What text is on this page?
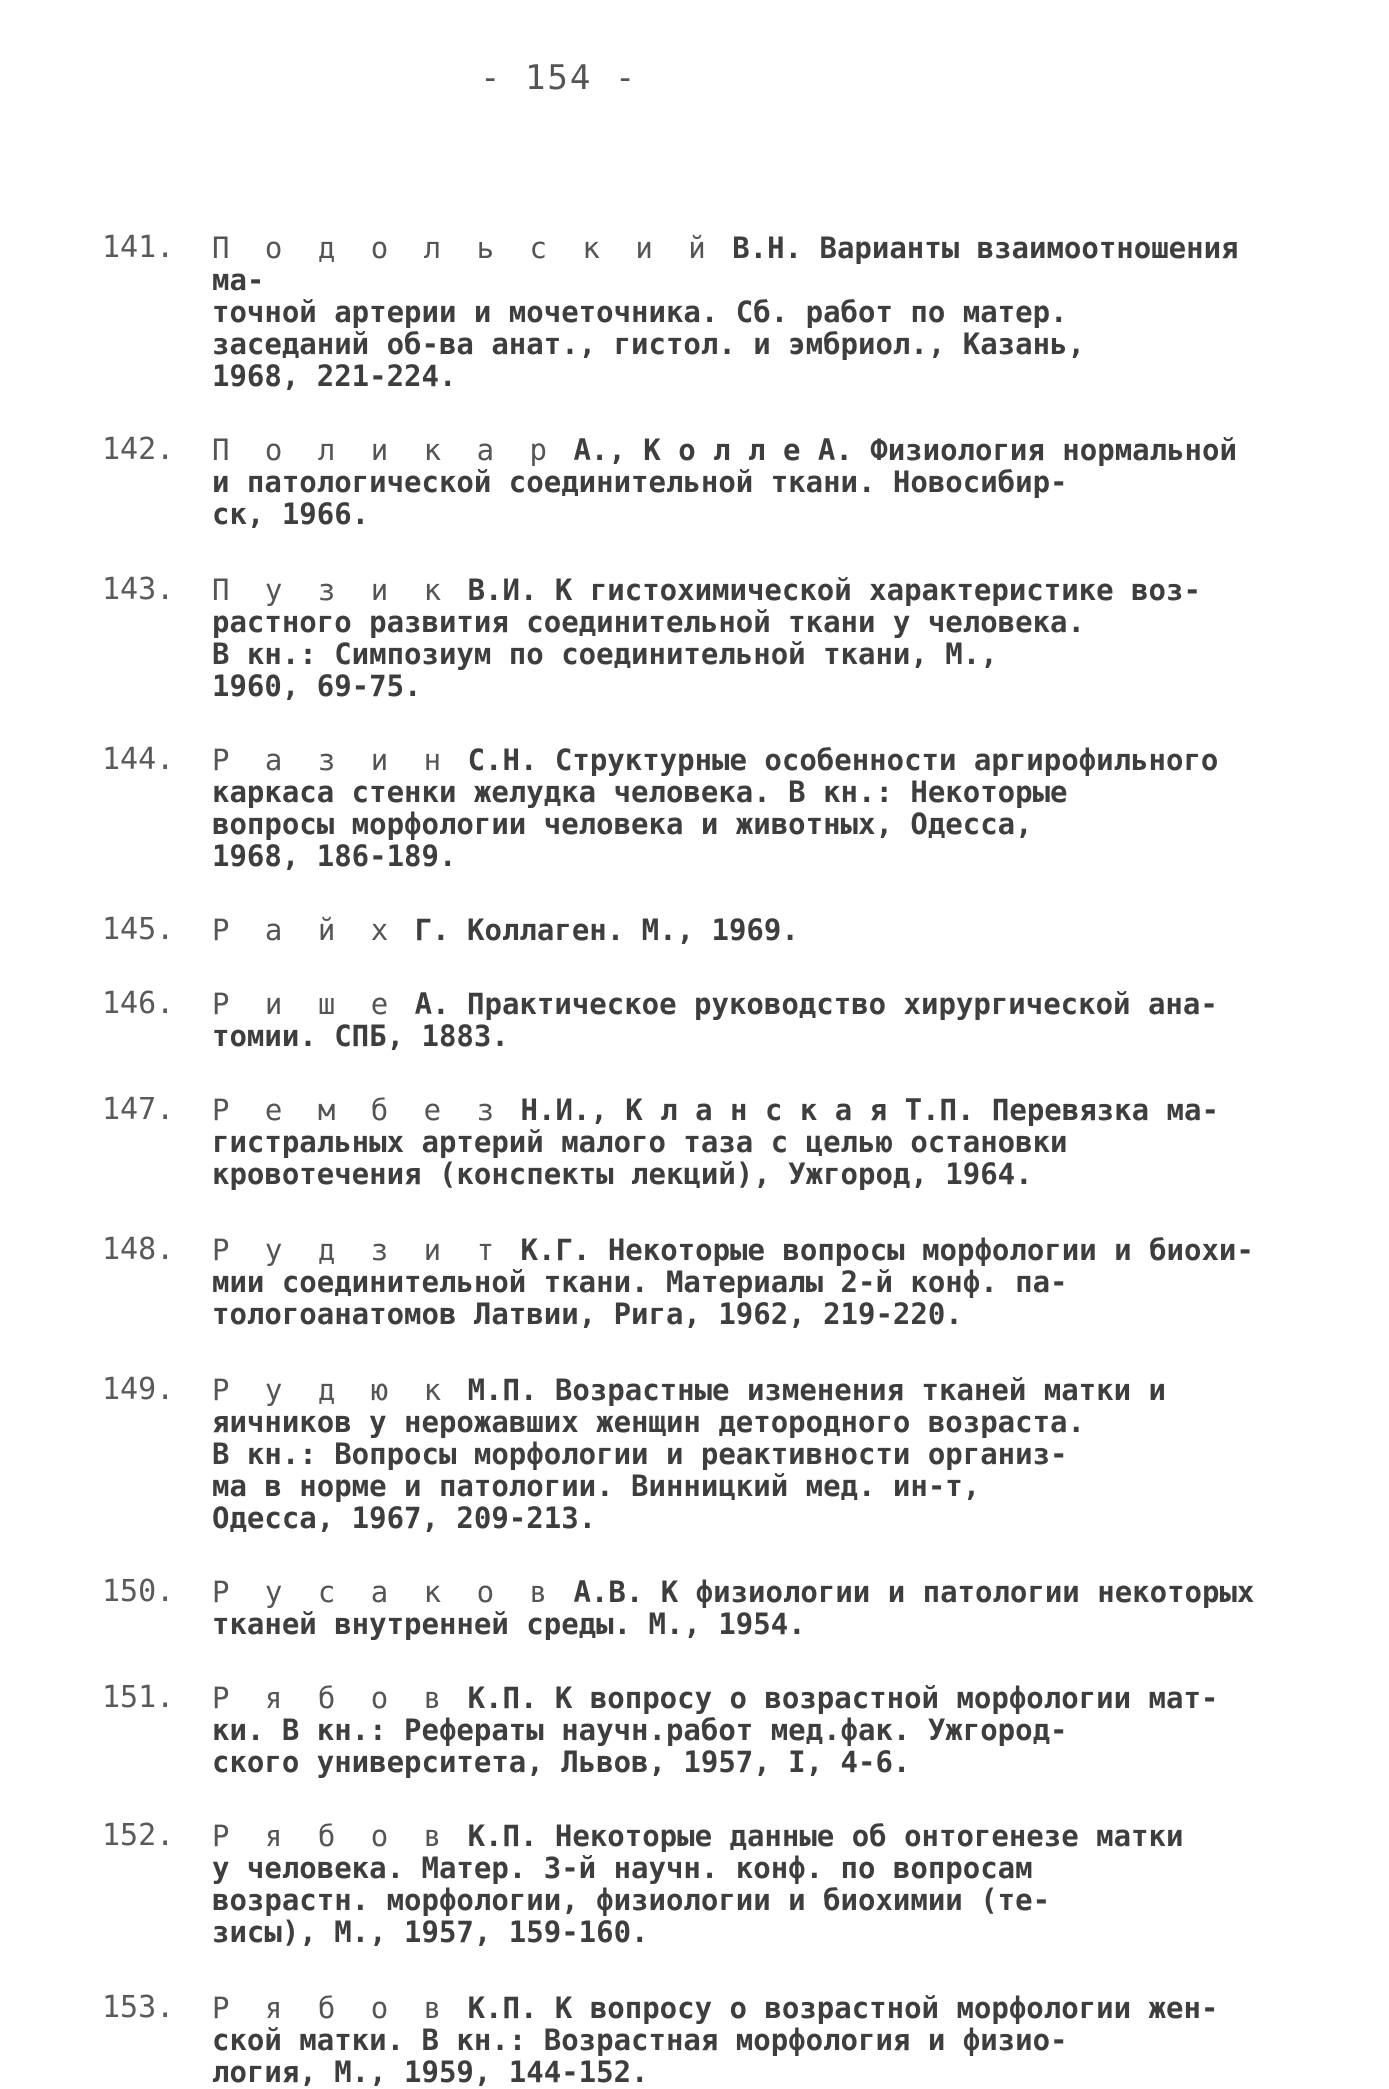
- 154 -
141.	П о д о л ь с к и й В.Н. Варианты взаимоотношения ма-
точной артерии и мочеточника. Сб. работ по матер.
заседаний об-ва анат., гистол. и эмбриол., Казань,
1968, 221-224.
142.	П о л и к а р А., К о л л е А. Физиология нормальной
и патологической соединительной ткани. Новосибир-
ск, 1966.
143.	П у з и к В.И. К гистохимической характеристике воз-
растного развития соединительной ткани у человека.
В кн.: Симпозиум по соединительной ткани, М.,
1960, 69-75.
144.	Р а з и н С.Н. Структурные особенности аргирофильного
каркаса стенки желудка человека. В кн.: Некоторые
вопросы морфологии человека и животных, Одесса,
1968, 186-189.
145.	Р а й х Г. Коллаген. М., 1969.
146.	Р и ш е А. Практическое руководство хирургической ана-
томии. СПБ, 1883.
147.	Р е м б е з Н.И., К л а н с к а я Т.П. Перевязка ма-
гистральных артерий малого таза с целью остановки
кровотечения (конспекты лекций), Ужгород, 1964.
148.	Р у д з и т К.Г. Некоторые вопросы морфологии и биохи-
мии соединительной ткани. Материалы 2-й конф. па-
тологоанатомов Латвии, Рига, 1962, 219-220.
149.	Р у д ю к М.П. Возрастные изменения тканей матки и
яичников у нерожавших женщин детородного возраста.
В кн.: Вопросы морфологии и реактивности организ-
ма в норме и патологии. Винницкий мед. ин-т,
Одесса, 1967, 209-213.
150.	Р у с а к о в А.В. К физиологии и патологии некоторых
тканей внутренней среды. М., 1954.
151.	Р я б о в К.П. К вопросу о возрастной морфологии мат-
ки. В кн.: Рефераты научн.работ мед.фак. Ужгород-
ского университета, Львов, 1957, I, 4-6.
152.	Р я б о в К.П. Некоторые данные об онтогенезе матки
у человека. Матер. 3-й научн. конф. по вопросам
возрастн. морфологии, физиологии и биохимии (те-
зисы), М., 1957, 159-160.
153.	Р я б о в К.П. К вопросу о возрастной морфологии жен-
ской матки. В кн.: Возрастная морфология и физио-
логия, М., 1959, 144-152.
